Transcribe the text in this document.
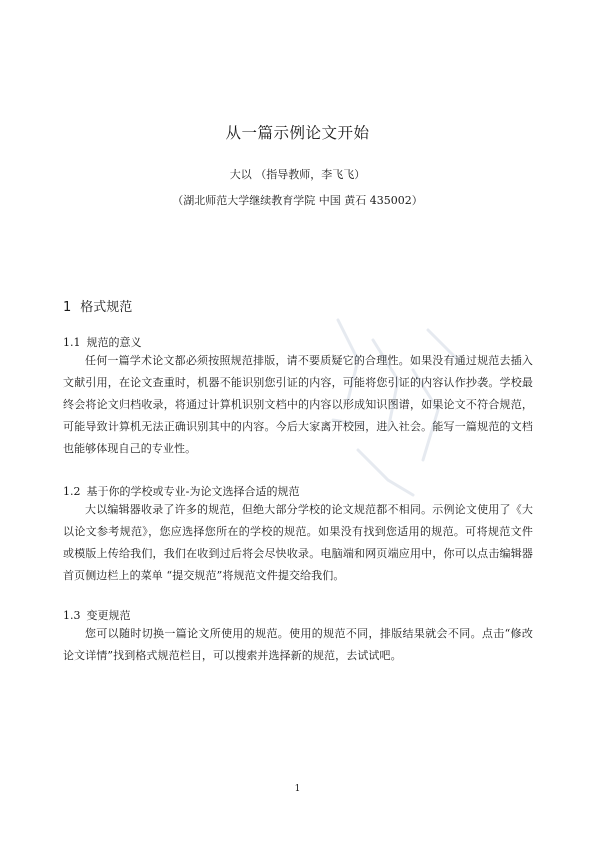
从一篇示例论文开始
大以 （指导教师，李飞飞）
（湖北师范大学继续教育学院 中国 黄石 435002）
1 格式规范
1.1 规范的意义
任何一篇学术论文都必须按照规范排版，请不要质疑它的合理性。如果没有通过规范去插入文献引用，在论文查重时，机器不能识别您引证的内容，可能将您引证的内容认作抄袭。学校最终会将论文归档收录，将通过计算机识别文档中的内容以形成知识图谱，如果论文不符合规范，可能导致计算机无法正确识别其中的内容。今后大家离开校园，进入社会。能写一篇规范的文档也能够体现自己的专业性。
1.2 基于你的学校或专业-为论文选择合适的规范
大以编辑器收录了许多的规范，但绝大部分学校的论文规范都不相同。示例论文使用了《大以论文参考规范》，您应选择您所在的学校的规范。如果没有找到您适用的规范。可将规范文件或模版上传给我们，我们在收到过后将会尽快收录。电脑端和网页端应用中，你可以点击编辑器首页侧边栏上的菜单 “提交规范”将规范文件提交给我们。
1.3 变更规范
您可以随时切换一篇论文所使用的规范。使用的规范不同，排版结果就会不同。点击“修改论文详情”找到格式规范栏目，可以搜索并选择新的规范，去试试吧。
1
